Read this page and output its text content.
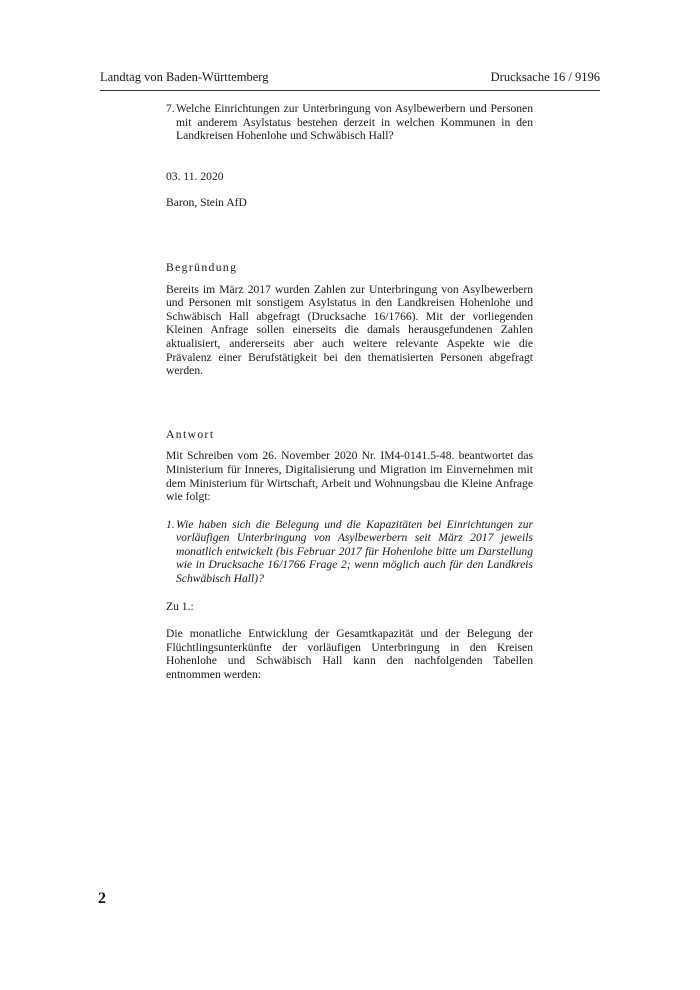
Landtag von Baden-Württemberg	Drucksache 16 / 9196
7. Welche Einrichtungen zur Unterbringung von Asylbewerbern und Personen mit anderem Asylstatus bestehen derzeit in welchen Kommunen in den Landkreisen Hohenlohe und Schwäbisch Hall?

03. 11. 2020

Baron, Stein AfD

Begründung

Bereits im März 2017 wurden Zahlen zur Unterbringung von Asylbewerbern und Personen mit sonstigem Asylstatus in den Landkreisen Hohenlohe und Schwäbisch Hall abgefragt (Drucksache 16/1766). Mit der vorliegenden Kleinen Anfrage sollen einerseits die damals herausgefundenen Zahlen aktualisiert, andererseits aber auch weitere relevante Aspekte wie die Prävalenz einer Berufstätigkeit bei den thematisierten Personen abgefragt werden.

Antwort

Mit Schreiben vom 26. November 2020 Nr. IM4-0141.5-48. beantwortet das Ministerium für Inneres, Digitalisierung und Migration im Einvernehmen mit dem Ministerium für Wirtschaft, Arbeit und Wohnungsbau die Kleine Anfrage wie folgt:

1. Wie haben sich die Belegung und die Kapazitäten bei Einrichtungen zur vorläufigen Unterbringung von Asylbewerbern seit März 2017 jeweils monatlich entwickelt (bis Februar 2017 für Hohenlohe bitte um Darstellung wie in Drucksache 16/1766 Frage 2; wenn möglich auch für den Landkreis Schwäbisch Hall)?

Zu 1.:

Die monatliche Entwicklung der Gesamtkapazität und der Belegung der Flüchtlingsunterkünfte der vorläufigen Unterbringung in den Kreisen Hohenlohe und Schwäbisch Hall kann den nachfolgenden Tabellen entnommen werden:

2
